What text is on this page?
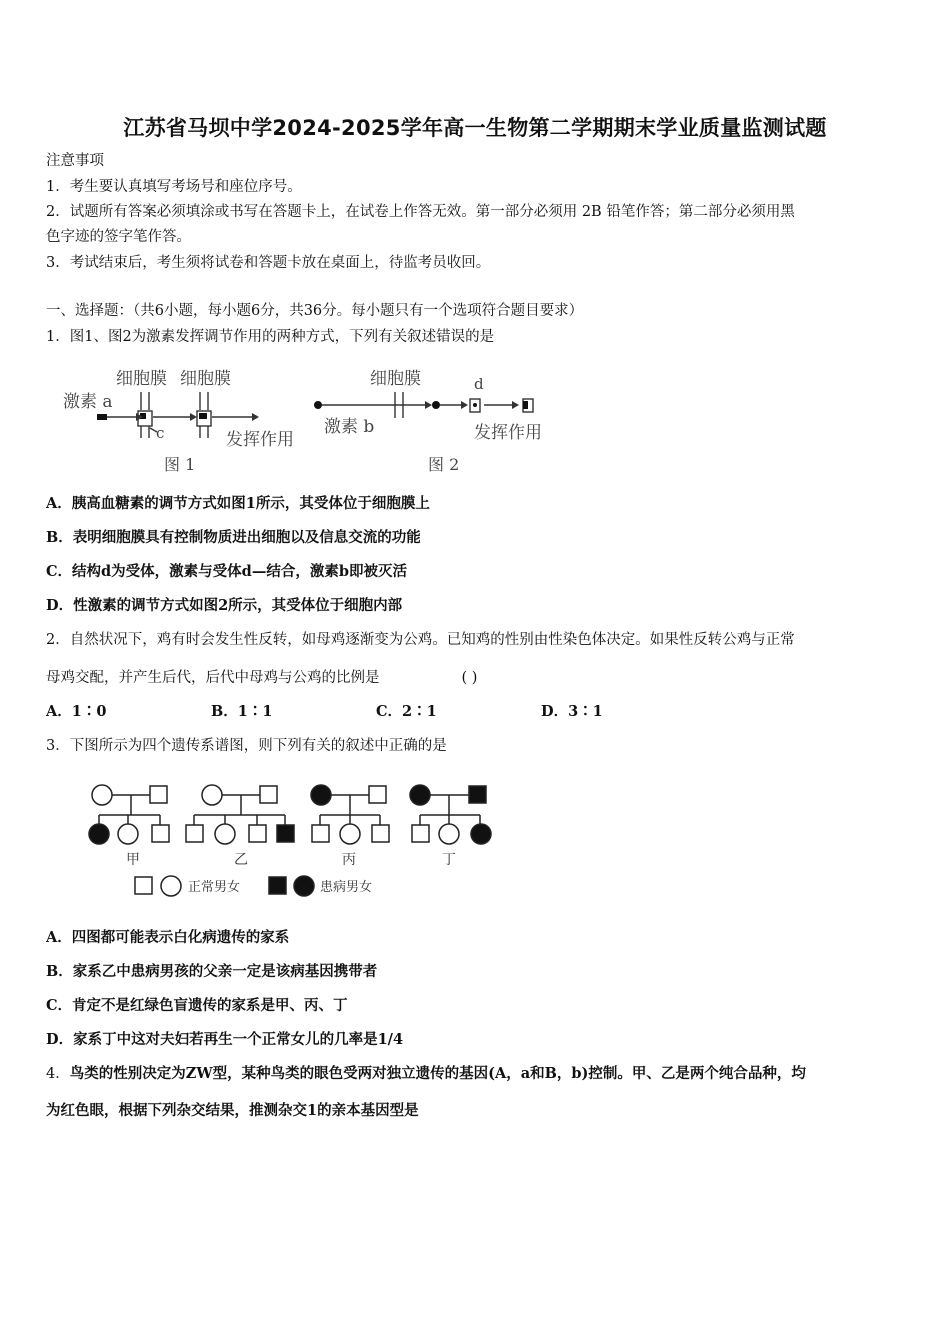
江苏省马坝中学2024-2025学年高一生物第二学期期末学业质量监测试题
注意事项
1．考生要认真填写考场号和座位序号。
2．试题所有答案必须填涂或书写在答题卡上，在试卷上作答无效。第一部分必须用 2B 铅笔作答；第二部分必须用黑
色字迹的签字笔作答。
3．考试结束后，考生须将试卷和答题卡放在桌面上，待监考员收回。
一、选择题：（共6小题，每小题6分，共36分。每小题只有一个选项符合题目要求）
1．图1、图2为激素发挥调节作用的两种方式，下列有关叙述错误的是
细胞膜 细胞膜
激素 a
c	发挥作用
图 1
细胞膜	d
激素 b	发挥作用
图 2
A．胰高血糖素的调节方式如图1所示，其受体位于细胞膜上
B．表明细胞膜具有控制物质进出细胞以及信息交流的功能
C．结构d为受体，激素与受体d—结合，激素b即被灭活
D．性激素的调节方式如图2所示，其受体位于细胞内部
2．自然状况下，鸡有时会发生性反转，如母鸡逐渐变为公鸡。已知鸡的性别由性染色体决定。如果性反转公鸡与正常
母鸡交配，并产生后代，后代中母鸡与公鸡的比例是	( )
A．1∶0	B．1∶1	C．2∶1	D．3∶1
3．下图所示为四个遗传系谱图，则下列有关的叙述中正确的是
甲	乙	丙	丁
正常男女	患病男女
A．四图都可能表示白化病遗传的家系
B．家系乙中患病男孩的父亲一定是该病基因携带者
C．肯定不是红绿色盲遗传的家系是甲、丙、丁
D．家系丁中这对夫妇若再生一个正常女儿的几率是1/4
4．鸟类的性别决定为ZW型，某种鸟类的眼色受两对独立遗传的基因(A，a和B，b)控制。甲、乙是两个纯合品种，均
为红色眼，根据下列杂交结果，推测杂交1的亲本基因型是
